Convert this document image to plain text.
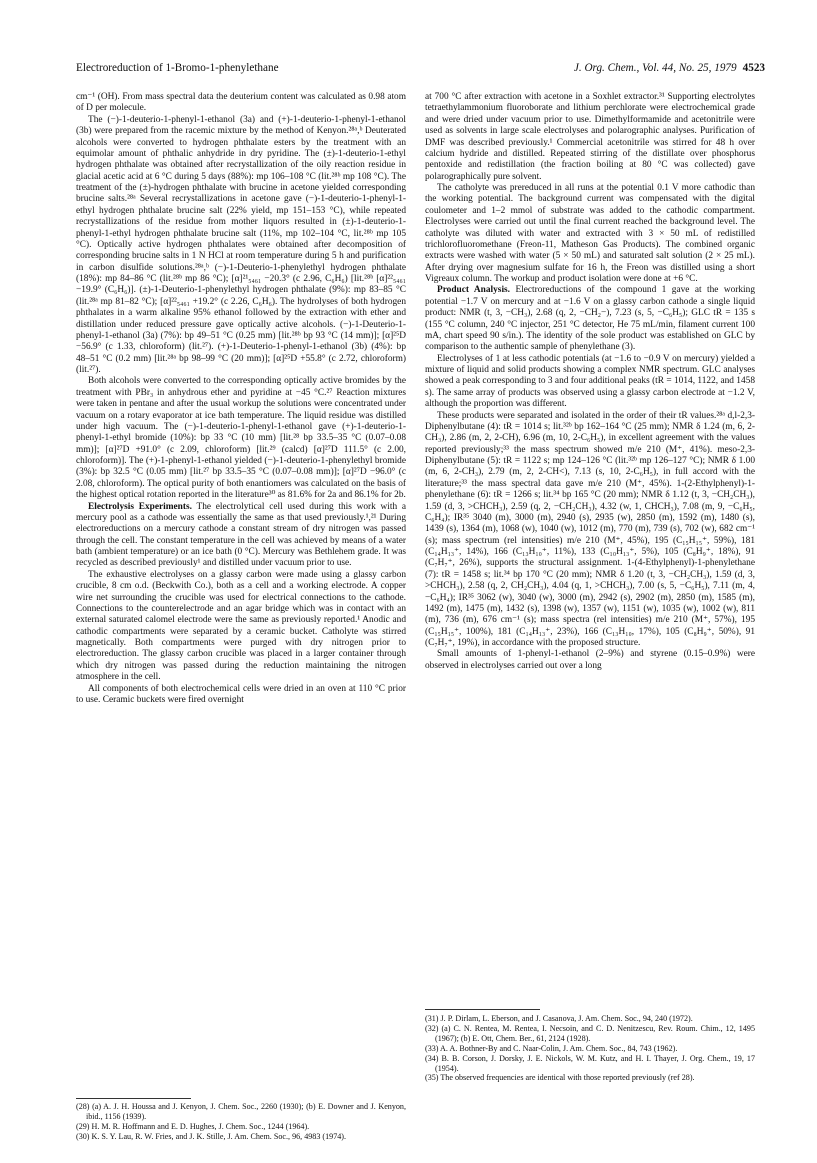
Electroreduction of 1-Bromo-1-phenylethane	J. Org. Chem., Vol. 44, No. 25, 1979 4523

cm⁻¹ (OH). From mass spectral data the deuterium content was calculated as 0.98 atom of D per molecule.

The (−)-1-deuterio-1-phenyl-1-ethanol (3a) and (+)-1-deuterio-1-phenyl-1-ethanol (3b) were prepared from the racemic mixture by the method of Kenyon.²⁸ᵃ,ᵇ Deuterated alcohols were converted to hydrogen phthalate esters by the treatment with an equimolar amount of phthalic anhydride in dry pyridine. The (±)-1-deuterio-1-ethyl hydrogen phthalate was obtained after recrystallization of the oily reaction residue in glacial acetic acid at 6 °C during 5 days (88%): mp 106–108 °C (lit.²⁸ᵇ mp 108 °C). The treatment of the (±)-hydrogen phthalate with brucine in acetone yielded corresponding brucine salts.²⁸ᵃ Several recrystallizations in acetone gave (−)-1-deuterio-1-phenyl-1-ethyl hydrogen phthalate brucine salt (22% yield, mp 151–153 °C), while repeated recrystallizations of the residue from mother liquors resulted in (±)-1-deuterio-1-phenyl-1-ethyl hydrogen phthalate brucine salt (11%, mp 102–104 °C, lit.²⁸ᵇ mp 105 °C). Optically active hydrogen phthalates were obtained after decomposition of corresponding brucine salts in 1 N HCl at room temperature during 5 h and purification in carbon disulfide solutions.²⁸ᵃ,ᵇ (−)-1-Deuterio-1-phenylethyl hydrogen phthalate (18%): mp 84–86 °C (lit.²⁸ᵇ mp 86 °C); [α]²¹₅₄₆₁ −20.3° (c 2.96, C₆H₆) [lit.²⁸ᵇ [α]²²₅₄₆₁ −19.9° (C₆H₆)]. (±)-1-Deuterio-1-phenylethyl hydrogen phthalate (9%): mp 83–85 °C (lit.²⁸ᵃ mp 81–82 °C); [α]²²₅₄₆₁ +19.2° (c 2.26, C₆H₆). The hydrolyses of both hydrogen phthalates in a warm alkaline 95% ethanol followed by the extraction with ether and distillation under reduced pressure gave optically active alcohols. (−)-1-Deuterio-1-phenyl-1-ethanol (3a) (7%): bp 49–51 °C (0.25 mm) [lit.²⁸ᵇ bp 93 °C (14 mm)]; [α]²⁵D −56.9° (c 1.33, chloroform) (lit.²⁷). (+)-1-Deuterio-1-phenyl-1-ethanol (3b) (4%): bp 48–51 °C (0.2 mm) [lit.²⁸ᵃ bp 98–99 °C (20 mm)]; [α]²⁵D +55.8° (c 2.72, chloroform) (lit.²⁷).

Both alcohols were converted to the corresponding optically active bromides by the treatment with PBr₃ in anhydrous ether and pyridine at −45 °C.²⁷ Reaction mixtures were taken in pentane and after the usual workup the solutions were concentrated under vacuum on a rotary evaporator at ice bath temperature. The liquid residue was distilled under high vacuum. The (−)-1-deuterio-1-phenyl-1-ethanol gave (+)-1-deuterio-1-phenyl-1-ethyl bromide (10%): bp 33 °C (10 mm) [lit.²⁸ bp 33.5–35 °C (0.07–0.08 mm)]; [α]²⁷D +91.0° (c 2.09, chloroform) [lit.²⁹ (calcd) [α]²⁷D 111.5° (c 2.00, chloroform)]. The (+)-1-phenyl-1-ethanol yielded (−)-1-deuterio-1-phenylethyl bromide (3%): bp 32.5 °C (0.05 mm) [lit.²⁷ bp 33.5–35 °C (0.07–0.08 mm)]; [α]²⁷D −96.0° (c 2.08, chloroform). The optical purity of both enantiomers was calculated on the basis of the highest optical rotation reported in the literature³⁰ as 81.6% for 2a and 86.1% for 2b.

Electrolysis Experiments. The electrolytical cell used during this work with a mercury pool as a cathode was essentially the same as that used previously.¹,²¹ During electroreductions on a mercury cathode a constant stream of dry nitrogen was passed through the cell. The constant temperature in the cell was achieved by means of a water bath (ambient temperature) or an ice bath (0 °C). Mercury was Bethlehem grade. It was recycled as described previously¹ and distilled under vacuum prior to use.

The exhaustive electrolyses on a glassy carbon were made using a glassy carbon crucible, 8 cm o.d. (Beckwith Co.), both as a cell and a working electrode. A copper wire net surrounding the crucible was used for electrical connections to the cathode. Connections to the counterelectrode and an agar bridge which was in contact with an external saturated calomel electrode were the same as previously reported.¹ Anodic and cathodic compartments were separated by a ceramic bucket. Catholyte was stirred magnetically. Both compartments were purged with dry nitrogen prior to electroreduction. The glassy carbon crucible was placed in a larger container through which dry nitrogen was passed during the reduction maintaining the nitrogen atmosphere in the cell.

All components of both electrochemical cells were dried in an oven at 110 °C prior to use. Ceramic buckets were fired overnight

(28) (a) A. J. H. Houssa and J. Kenyon, J. Chem. Soc., 2260 (1930); (b) E. Downer and J. Kenyon, ibid., 1156 (1939).

(29) H. M. R. Hoffmann and E. D. Hughes, J. Chem. Soc., 1244 (1964).

(30) K. S. Y. Lau, R. W. Fries, and J. K. Stille, J. Am. Chem. Soc., 96, 4983 (1974).

at 700 °C after extraction with acetone in a Soxhlet extractor.³¹ Supporting electrolytes tetraethylammonium fluoroborate and lithium perchlorate were electrochemical grade and were dried under vacuum prior to use. Dimethylformamide and acetonitrile were used as solvents in large scale electrolyses and polarographic analyses. Purification of DMF was described previously.¹ Commercial acetonitrile was stirred for 48 h over calcium hydride and distilled. Repeated stirring of the distillate over phosphorus pentoxide and redistillation (the fraction boiling at 80 °C was collected) gave polarographically pure solvent.

The catholyte was prereduced in all runs at the potential 0.1 V more cathodic than the working potential. The background current was compensated with the digital coulometer and 1–2 mmol of substrate was added to the cathodic compartment. Electrolyses were carried out until the final current reached the background level. The catholyte was diluted with water and extracted with 3 × 50 mL of redistilled trichlorofluoromethane (Freon-11, Matheson Gas Products). The combined organic extracts were washed with water (5 × 50 mL) and saturated salt solution (2 × 25 mL). After drying over magnesium sulfate for 16 h, the Freon was distilled using a short Vigreaux column. The workup and product isolation were done at +6 °C.

Product Analysis. Electroreductions of the compound 1 gave at the working potential −1.7 V on mercury and at −1.6 V on a glassy carbon cathode a single liquid product: NMR (t, 3, −CH₃), 2.68 (q, 2, −CH₂−), 7.23 (s, 5, −C₆H₅); GLC tR = 135 s (155 °C column, 240 °C injector, 251 °C detector, He 75 mL/min, filament current 100 mA, chart speed 90 s/in.). The identity of the sole product was established on GLC by comparison to the authentic sample of phenylethane (3).

Electrolyses of 1 at less cathodic potentials (at −1.6 to −0.9 V on mercury) yielded a mixture of liquid and solid products showing a complex NMR spectrum. GLC analyses showed a peak corresponding to 3 and four additional peaks (tR = 1014, 1122, and 1458 s). The same array of products was observed using a glassy carbon electrode at −1.2 V, although the proportion was different.

These products were separated and isolated in the order of their tR values.²⁸ᵃ d,l-2,3-Diphenylbutane (4): tR = 1014 s; lit.³²ᵇ bp 162–164 °C (25 mm); NMR δ 1.24 (m, 6, 2-CH₃), 2.86 (m, 2, 2-CH), 6.96 (m, 10, 2-C₆H₅), in excellent agreement with the values reported previously;³³ the mass spectrum showed m/e 210 (M⁺, 41%). meso-2,3-Diphenylbutane (5): tR = 1122 s; mp 124–126 °C (lit.³²ᵇ mp 126–127 °C); NMR δ 1.00 (m, 6, 2-CH₃), 2.79 (m, 2, 2-CH<), 7.13 (s, 10, 2-C₆H₅), in full accord with the literature;³³ the mass spectral data gave m/e 210 (M⁺, 45%). 1-(2-Ethylphenyl)-1-phenylethane (6): tR = 1266 s; lit.³⁴ bp 165 °C (20 mm); NMR δ 1.12 (t, 3, −CH₂CH₃), 1.59 (d, 3, >CHCH₃), 2.59 (q, 2, −CH₂CH₃), 4.32 (w, 1, CHCH₃), 7.08 (m, 9, −C₆H₅, C₆H₄); IR³⁵ 3040 (m), 3000 (m), 2940 (s), 2935 (w), 2850 (m), 1592 (m), 1480 (s), 1439 (s), 1364 (m), 1068 (w), 1040 (w), 1012 (m), 770 (m), 739 (s), 702 (w), 682 cm⁻¹ (s); mass spectrum (rel intensities) m/e 210 (M⁺, 45%), 195 (C₁₅H₁₅⁺, 59%), 181 (C₁₄H₁₃⁺, 14%), 166 (C₁₃H₁₀⁺, 11%), 133 (C₁₀H₁₃⁺, 5%), 105 (C₈H₉⁺, 18%), 91 (C₇H₇⁺, 26%), supports the structural assignment. 1-(4-Ethylphenyl)-1-phenylethane (7): tR = 1458 s; lit.³⁴ bp 170 °C (20 mm); NMR δ 1.20 (t, 3, −CH₂CH₃), 1.59 (d, 3, >CHCH₃), 2.58 (q, 2, CH₂CH₃), 4.04 (q, 1, >CHCH₃), 7.00 (s, 5, −C₆H₅), 7.11 (m, 4, −C₆H₄); IR³⁵ 3062 (w), 3040 (w), 3000 (m), 2942 (s), 2902 (m), 2850 (m), 1585 (m), 1492 (m), 1475 (m), 1432 (s), 1398 (w), 1357 (w), 1151 (w), 1035 (w), 1002 (w), 811 (m), 736 (m), 676 cm⁻¹ (s); mass spectra (rel intensities) m/e 210 (M⁺, 57%), 195 (C₁₅H₁₅⁺, 100%), 181 (C₁₄H₁₃⁺, 23%), 166 (C₁₃H₁₀, 17%), 105 (C₈H₉⁺, 50%), 91 (C₇H₇⁺, 19%), in accordance with the proposed structure.

Small amounts of 1-phenyl-1-ethanol (2–9%) and styrene (0.15–0.9%) were observed in electrolyses carried out over a long

(31) J. P. Dirlam, L. Eberson, and J. Casanova, J. Am. Chem. Soc., 94, 240 (1972).

(32) (a) C. N. Rentea, M. Rentea, I. Necsoin, and C. D. Nenitzescu, Rev. Roum. Chim., 12, 1495 (1967); (b) E. Ott, Chem. Ber., 61, 2124 (1928).

(33) A. A. Bothner-By and C. Naar-Colin, J. Am. Chem. Soc., 84, 743 (1962).

(34) B. B. Corson, J. Dorsky, J. E. Nickols, W. M. Kutz, and H. I. Thayer, J. Org. Chem., 19, 17 (1954).

(35) The observed frequencies are identical with those reported previously (ref 28).
